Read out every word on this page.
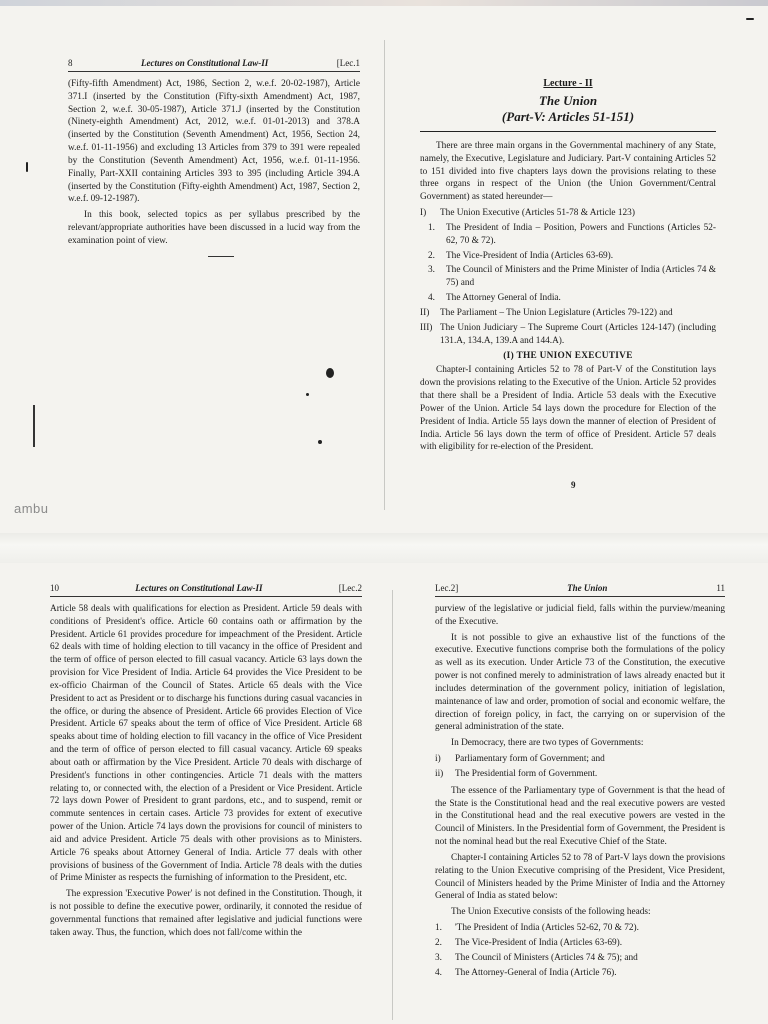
8	Lectures on Constitutional Law-II	[Lec.1

(Fifty-fifth Amendment) Act, 1986, Section 2, w.e.f. 20-02-1987), Article 371.I (inserted by the Constitution (Fifty-sixth Amendment) Act, 1987, Section 2, w.e.f. 30-05-1987), Article 371.J (inserted by the Constitution (Ninety-eighth Amendment) Act, 2012, w.e.f. 01-01-2013) and 378.A (inserted by the Constitution (Seventh Amendment) Act, 1956, Section 24, w.e.f. 01-11-1956) and excluding 13 Articles from 379 to 391 were repealed by the Constitution (Seventh Amendment) Act, 1956, w.e.f. 01-11-1956. Finally, Part-XXII containing Articles 393 to 395 (including Article 394.A (inserted by the Constitution (Fifty-eighth Amendment) Act, 1987, Section 2, w.e.f. 09-12-1987).

In this book, selected topics as per syllabus prescribed by the relevant/appropriate authorities have been discussed in a lucid way from the examination point of view.

Lecture - II

The Union

(Part-V: Articles 51-151)

There are three main organs in the Governmental machinery of any State, namely, the Executive, Legislature and Judiciary. Part-V containing Articles 52 to 151 divided into five chapters lays down the provisions relating to these three organs in respect of the Union (the Union Government/Central Government) as stated hereunder—

I)	The Union Executive (Articles 51-78 & Article 123)
1.	The President of India – Position, Powers and Functions (Articles 52-62, 70 & 72).
2.	The Vice-President of India (Articles 63-69).
3.	The Council of Ministers and the Prime Minister of India (Articles 74 & 75) and
4.	The Attorney General of India.
II)	The Parliament – The Union Legislature (Articles 79-122) and
III) The Union Judiciary – The Supreme Court (Articles 124-147) (including 131.A, 134.A, 139.A and 144.A).

(I) THE UNION EXECUTIVE

Chapter-I containing Articles 52 to 78 of Part-V of the Constitution lays down the provisions relating to the Executive of the Union. Article 52 provides that there shall be a President of India. Article 53 deals with the Executive Power of the Union. Article 54 lays down the procedure for Election of the President of India. Article 55 lays down the manner of election of President of India. Article 56 lays down the term of office of President. Article 57 deals with eligibility for re-election of the President.

9
ambu
10	Lectures on Constitutional Law-II	[Lec.2

Article 58 deals with qualifications for election as President. Article 59 deals with conditions of President's office. Article 60 contains oath or affirmation by the President. Article 61 provides procedure for impeachment of the President. Article 62 deals with time of holding election to till vacancy in the office of President and the term of office of person elected to fill casual vacancy. Article 63 lays down the provision for Vice President of India. Article 64 provides the Vice President to be ex-officio Chairman of the Council of States. Article 65 deals with the Vice President to act as President or to discharge his functions during casual vacancies in the office, or during the absence of President. Article 66 provides Election of Vice President. Article 67 speaks about the term of office of Vice President. Article 68 speaks about time of holding election to fill vacancy in the office of Vice President and the term of office of person elected to fill casual vacancy. Article 69 speaks about oath or affirmation by the Vice President. Article 70 deals with discharge of President's functions in other contingencies. Article 71 deals with the matters relating to, or connected with, the election of a President or Vice President. Article 72 lays down Power of President to grant pardons, etc., and to suspend, remit or commute sentences in certain cases. Article 73 provides for extent of executive power of the Union. Article 74 lays down the provisions for council of ministers to aid and advice President. Article 75 deals with other provisions as to Ministers. Article 76 speaks about Attorney General of India. Article 77 deals with other provisions of business of the Government of India. Article 78 deals with the duties of Prime Minister as respects the furnishing of information to the President, etc.

The expression 'Executive Power' is not defined in the Constitution. Though, it is not possible to define the executive power, ordinarily, it connoted the residue of governmental functions that remained after legislative and judicial functions were taken away. Thus, the function, which does not fall/come within the

Lec.2]	The Union	11

purview of the legislative or judicial field, falls within the purview/meaning of the Executive.

It is not possible to give an exhaustive list of the functions of the executive. Executive functions comprise both the formulations of the policy as well as its execution. Under Article 73 of the Constitution, the executive power is not confined merely to administration of laws already enacted but it includes determination of the government policy, initiation of legislation, maintenance of law and order, promotion of social and economic welfare, the direction of foreign policy, in fact, the carrying on or supervision of the general administration of the state.

In Democracy, there are two types of Governments:

i)	Parliamentary form of Government; and
ii)	The Presidential form of Government.

The essence of the Parliamentary type of Government is that the head of the State is the Constitutional head and the real executive powers are vested in the Constitutional head and the real executive powers are vested in the Council of Ministers. In the Presidential form of Government, the President is not the nominal head but the real Executive Chief of the State.

Chapter-I containing Articles 52 to 78 of Part-V lays down the provisions relating to the Union Executive comprising of the President, Vice President, Council of Ministers headed by the Prime Minister of India and the Attorney General of India as stated below:

The Union Executive consists of the following heads:

1.	'The President of India (Articles 52-62, 70 & 72).
2.	The Vice-President of India (Articles 63-69).
3.	The Council of Ministers (Articles 74 & 75); and
4.	The Attorney-General of India (Article 76).
